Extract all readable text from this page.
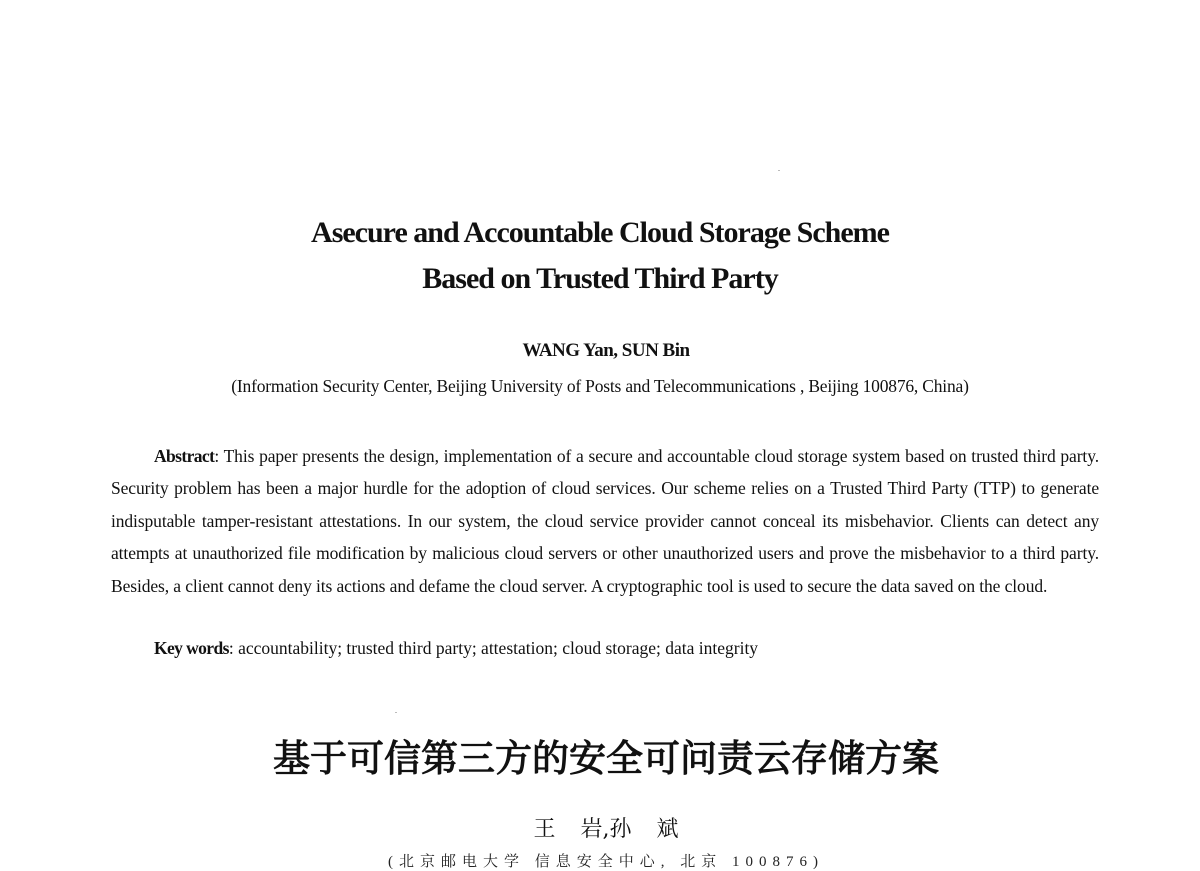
Asecure and Accountable Cloud Storage Scheme
Based on Trusted Third Party
WANG Yan, SUN Bin
(Information Security Center, Beijing University of Posts and Telecommunications , Beijing 100876, China)
Abstract: This paper presents the design, implementation of a secure and accountable cloud storage system based on trusted third party. Security problem has been a major hurdle for the adoption of cloud services. Our scheme relies on a Trusted Third Party (TTP) to generate indisputable tamper-resistant attestations. In our system, the cloud service provider cannot conceal its misbehavior. Clients can detect any attempts at unauthorized file modification by malicious cloud servers or other unauthorized users and prove the misbehavior to a third party. Besides, a client cannot deny its actions and defame the cloud server. A cryptographic tool is used to secure the data saved on the cloud.
Key words: accountability; trusted third party; attestation; cloud storage; data integrity
基于可信第三方的安全可问责云存储方案
王 岩,孙 斌
(北京邮电大学 信息安全中心, 北京 100876)
